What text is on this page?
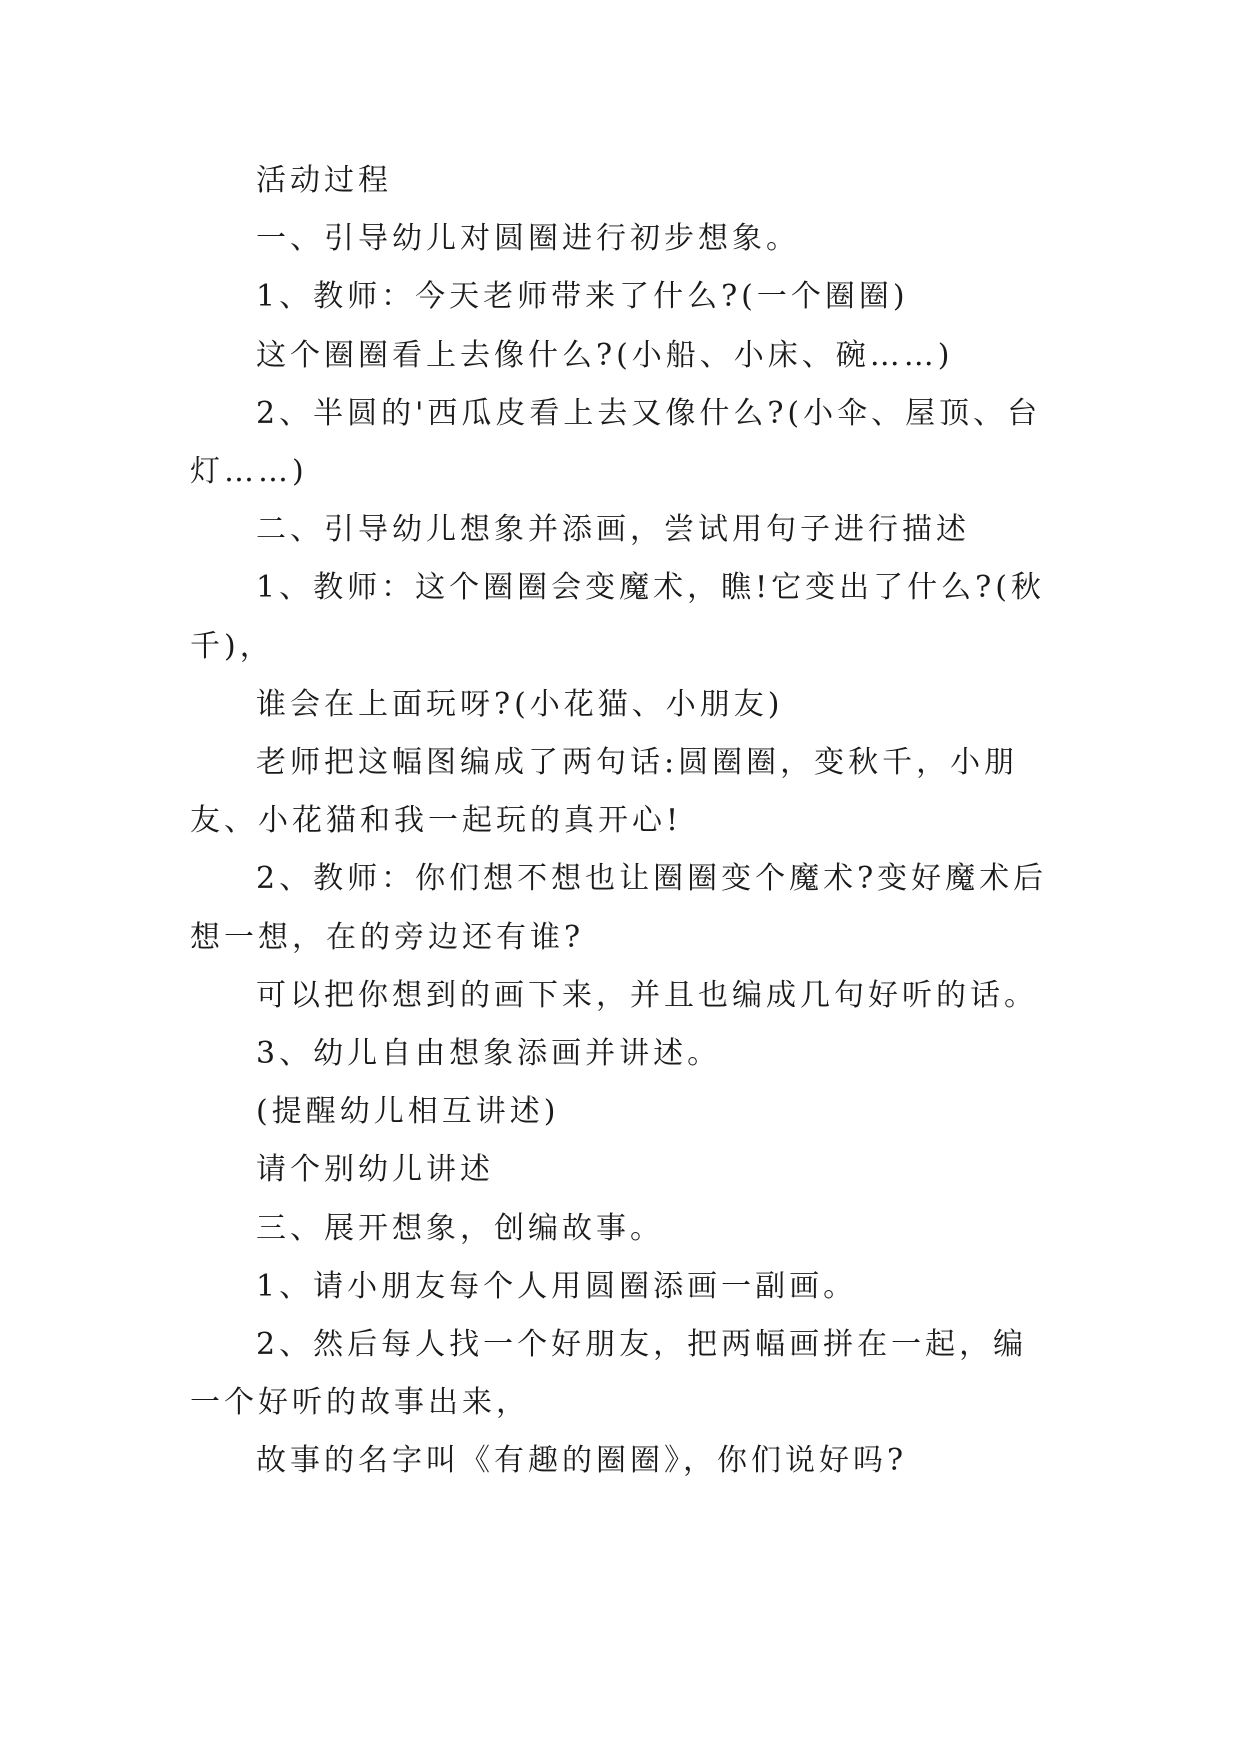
活动过程

一、引导幼儿对圆圈进行初步想象。

1、教师：今天老师带来了什么?(一个圈圈)

这个圈圈看上去像什么?(小船、小床、碗……)

2、半圆的'西瓜皮看上去又像什么?(小伞、屋顶、台灯……)

二、引导幼儿想象并添画，尝试用句子进行描述

1、教师：这个圈圈会变魔术，瞧!它变出了什么?(秋千)，

谁会在上面玩呀?(小花猫、小朋友)

老师把这幅图编成了两句话:圆圈圈，变秋千，小朋友、小花猫和我一起玩的真开心!

2、教师：你们想不想也让圈圈变个魔术?变好魔术后想一想，在的旁边还有谁?

可以把你想到的画下来，并且也编成几句好听的话。

3、幼儿自由想象添画并讲述。

(提醒幼儿相互讲述)

请个别幼儿讲述

三、展开想象，创编故事。

1、请小朋友每个人用圆圈添画一副画。

2、然后每人找一个好朋友，把两幅画拼在一起，编一个好听的故事出来，

故事的名字叫《有趣的圈圈》，你们说好吗?
